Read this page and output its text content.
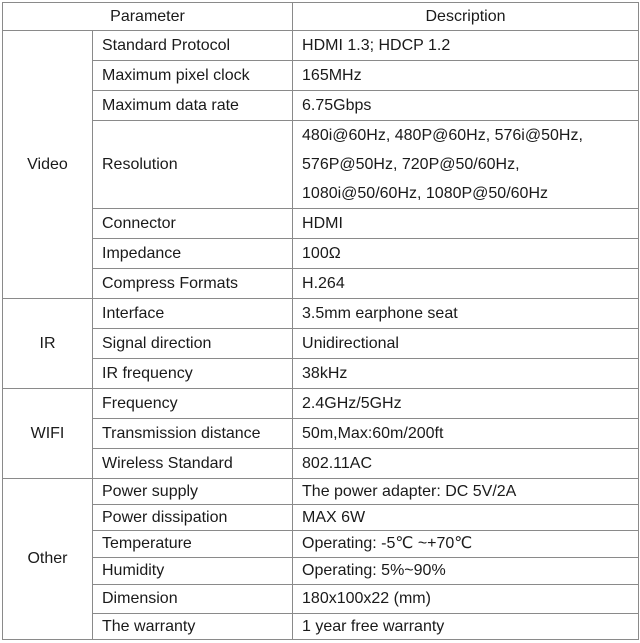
Parameter		Description
Video	Standard Protocol	HDMI 1.3; HDCP 1.2
	Maximum pixel clock	165MHz
	Maximum data rate	6.75Gbps
	Resolution	480i@60Hz, 480P@60Hz, 576i@50Hz,
576P@50Hz, 720P@50/60Hz,
1080i@50/60Hz, 1080P@50/60Hz

	Connector	HDMI
	Impedance	100Ω
	Compress Formats	H.264
IR	Interface	3.5mm earphone seat
	Signal direction	Unidirectional
	IR frequency	38kHz
WIFI	Frequency	2.4GHz/5GHz
	Transmission distance	50m,Max:60m/200ft
	Wireless Standard	802.11AC
Other	Power supply	The power adapter: DC 5V/2A
	Power dissipation	MAX 6W
	Temperature	Operating: -5℃ ~+70℃
	Humidity	Operating: 5%~90%
	Dimension	180x100x22 (mm)
	The warranty	1 year free warranty
